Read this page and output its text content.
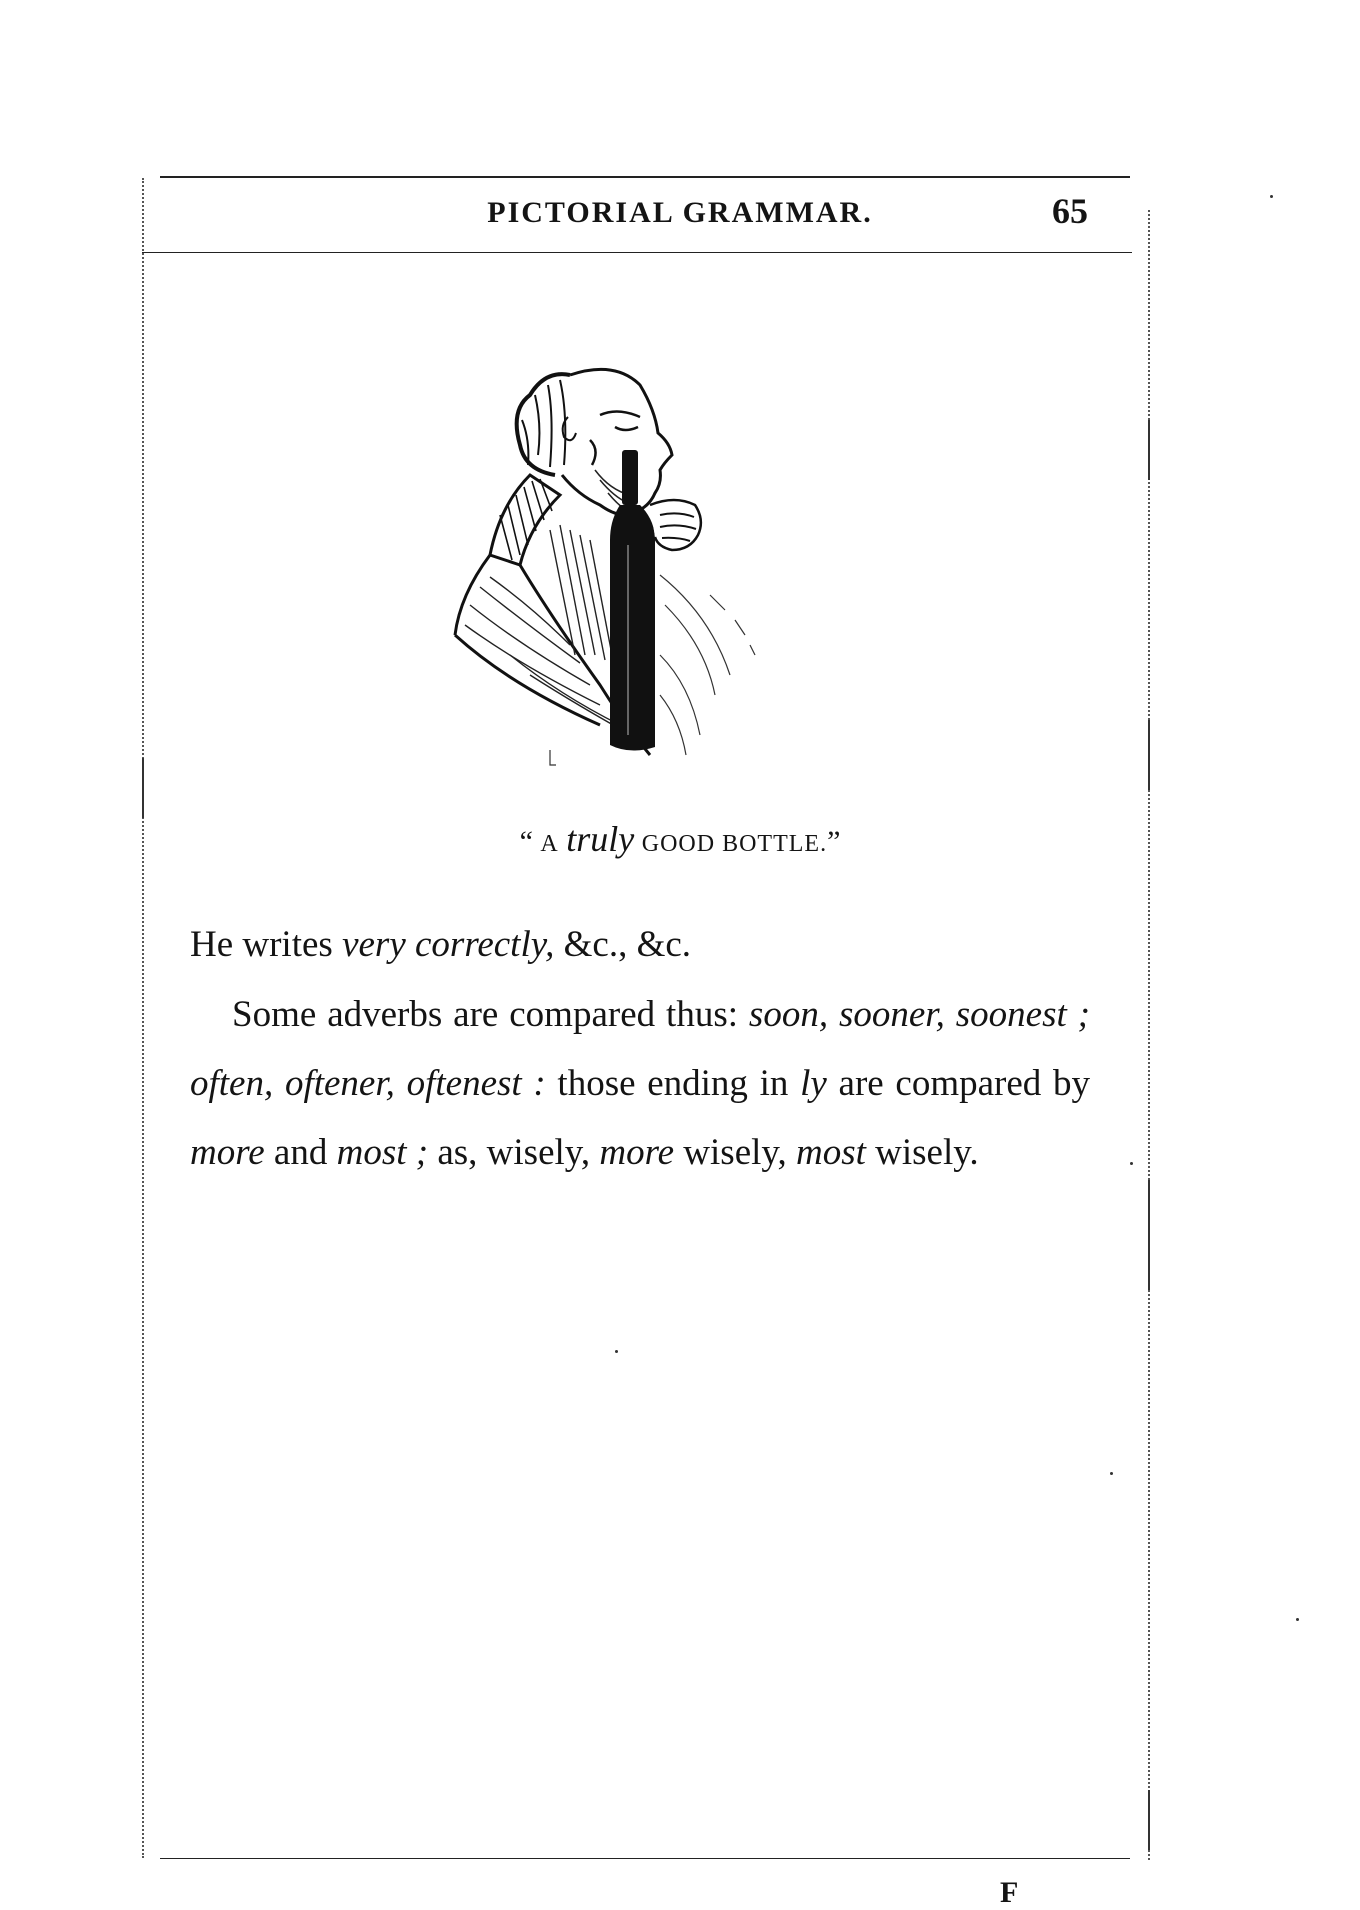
PICTORIAL GRAMMAR.	65
“ A truly GOOD BOTTLE.”
He writes very correctly, &c., &c.
Some adverbs are compared thus: soon, sooner, soonest ; often, oftener, oftenest : those ending in ly are compared by more and most ; as, wisely, more wisely, most wisely.
F
